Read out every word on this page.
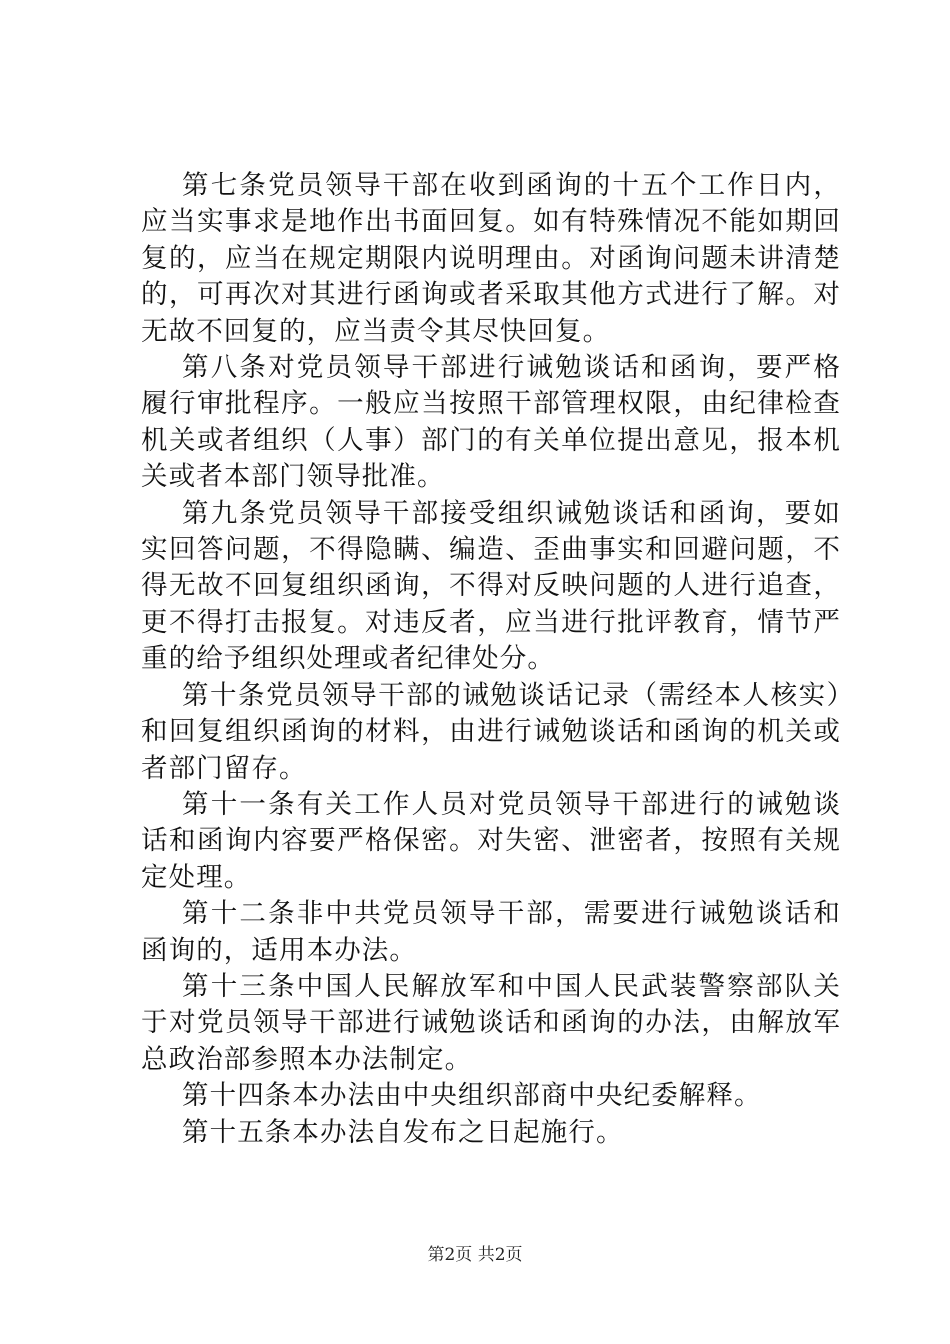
第七条党员领导干部在收到函询的十五个工作日内，应当实事求是地作出书面回复。如有特殊情况不能如期回复的，应当在规定期限内说明理由。对函询问题未讲清楚的，可再次对其进行函询或者采取其他方式进行了解。对无故不回复的，应当责令其尽快回复。

第八条对党员领导干部进行诫勉谈话和函询，要严格履行审批程序。一般应当按照干部管理权限，由纪律检查机关或者组织（人事）部门的有关单位提出意见，报本机关或者本部门领导批准。

第九条党员领导干部接受组织诫勉谈话和函询，要如实回答问题，不得隐瞒、编造、歪曲事实和回避问题，不得无故不回复组织函询，不得对反映问题的人进行追查，更不得打击报复。对违反者，应当进行批评教育，情节严重的给予组织处理或者纪律处分。

第十条党员领导干部的诫勉谈话记录（需经本人核实）和回复组织函询的材料，由进行诫勉谈话和函询的机关或者部门留存。

第十一条有关工作人员对党员领导干部进行的诫勉谈话和函询内容要严格保密。对失密、泄密者，按照有关规定处理。

第十二条非中共党员领导干部，需要进行诫勉谈话和函询的，适用本办法。

第十三条中国人民解放军和中国人民武装警察部队关于对党员领导干部进行诫勉谈话和函询的办法，由解放军总政治部参照本办法制定。

第十四条本办法由中央组织部商中央纪委解释。

第十五条本办法自发布之日起施行。

第2页 共2页
